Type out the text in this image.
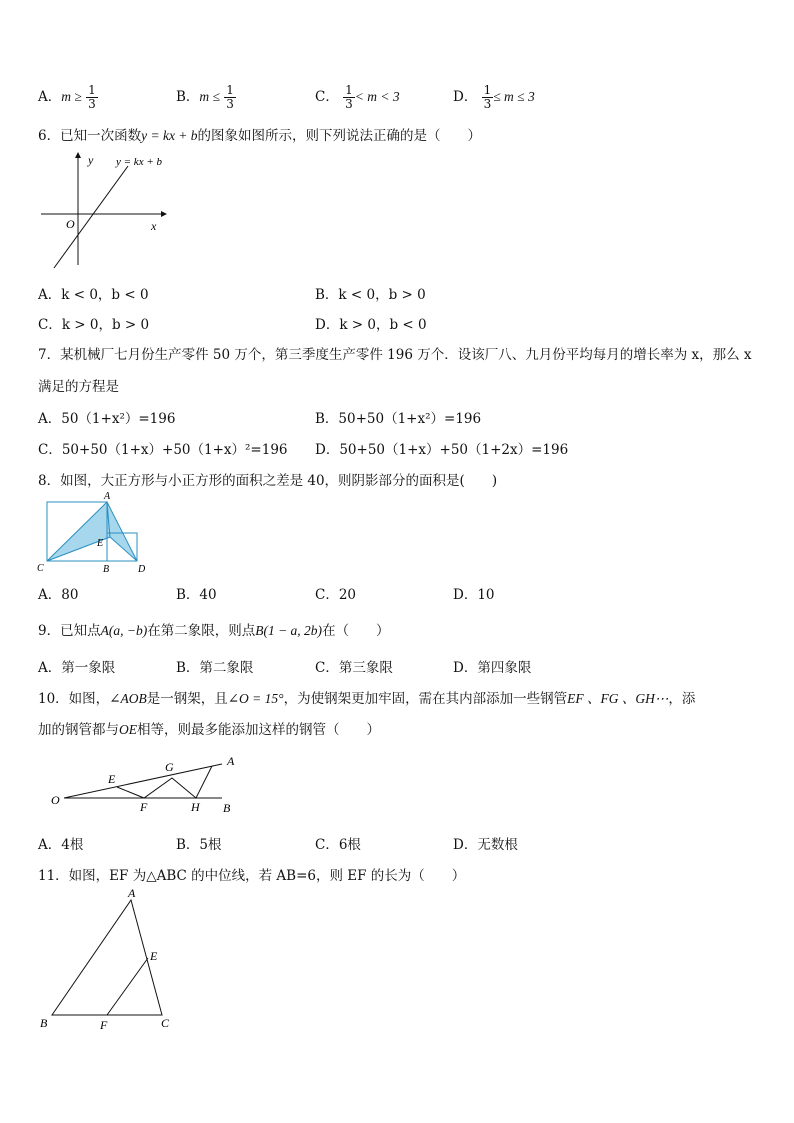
A．$m \ge \frac{1}{3}$	B．$m \le \frac{1}{3}$	C． $\frac{1}{3} < m < 3$	D． $\frac{1}{3} \le m \le 3$
6．已知一次函数y = kx + b的图象如图所示，则下列说法正确的是（　　）
y y = kx + b
O	x
A．k < 0，b < 0	B．k < 0，b > 0
C．k > 0，b > 0	D．k > 0，b < 0
7．某机械厂七月份生产零件 50 万个，第三季度生产零件 196 万个．设该厂八、九月份平均每月的增长率为 x，那么 x
满足的方程是
A．50（1+x²）=196	B．50+50（1+x²）=196
C．50+50（1+x）+50（1+x）²=196 D．50+50（1+x）+50（1+2x）=196
8．如图，大正方形与小正方形的面积之差是 40，则阴影部分的面积是(　　)
A
C
E
B	D
A．80	B．40	C．20	D．10
9．已知点A(a, −b)在第二象限，则点B(1 − a, 2b)在（　　）
A．第一象限	B．第二象限	C．第三象限	D．第四象限
10．如图，∠AOB是一钢架，且∠O = 15°，为使钢架更加牢固，需在其内部添加一些钢管EF 、FG 、GH⋯，添
加的钢管都与OE相等，则最多能添加这样的钢管（　　）
O
E
G	A
F	H B
A．4根	B．5根	C．6根	D．无数根
11．如图，EF 为△ABC 的中位线，若 AB=6，则 EF 的长为（　　）
A
E
B	F	C
